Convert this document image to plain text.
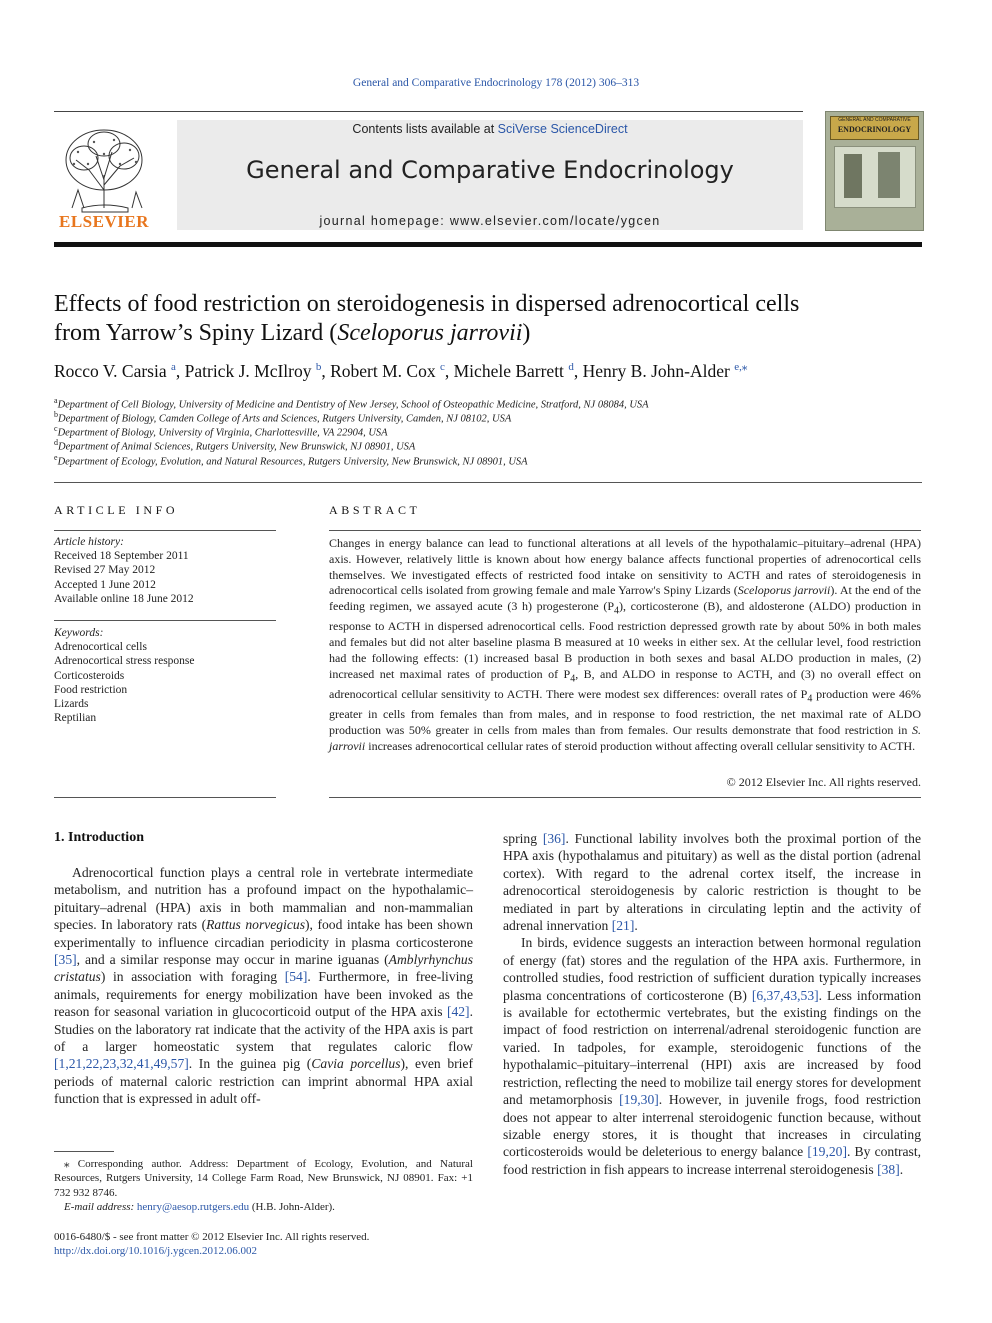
General and Comparative Endocrinology 178 (2012) 306–313
ELSEVIER
Contents lists available at SciVerse ScienceDirect
General and Comparative Endocrinology
journal homepage: www.elsevier.com/locate/ygcen
GENERAL AND COMPARATIVE
ENDOCRINOLOGY
Effects of food restriction on steroidogenesis in dispersed adrenocortical cells
from Yarrow’s Spiny Lizard (Sceloporus jarrovii)
Rocco V. Carsia $^a$, Patrick J. McIlroy $^b$, Robert M. Cox $^c$, Michele Barrett $^d$, Henry B. John-Alder $^{e,⁎}$
$^a$Department of Cell Biology, University of Medicine and Dentistry of New Jersey, School of Osteopathic Medicine, Stratford, NJ 08084, USA
$^b$Department of Biology, Camden College of Arts and Sciences, Rutgers University, Camden, NJ 08102, USA
$^c$Department of Biology, University of Virginia, Charlottesville, VA 22904, USA
$^d$Department of Animal Sciences, Rutgers University, New Brunswick, NJ 08901, USA
$^e$Department of Ecology, Evolution, and Natural Resources, Rutgers University, New Brunswick, NJ 08901, USA
ARTICLE INFO
Article history:
Received 18 September 2011
Revised 27 May 2012
Accepted 1 June 2012
Available online 18 June 2012
Keywords:
Adrenocortical cells
Adrenocortical stress response
Corticosteroids
Food restriction
Lizards
Reptilian
ABSTRACT
Changes in energy balance can lead to functional alterations at all levels of the hypothalamic–pituitary–adrenal (HPA) axis. However, relatively little is known about how energy balance affects functional properties of adrenocortical cells themselves. We investigated effects of restricted food intake on sensitivity to ACTH and rates of steroidogenesis in adrenocortical cells isolated from growing female and male Yarrow's Spiny Lizards (Sceloporus jarrovii). At the end of the feeding regimen, we assayed acute (3 h) progesterone $(P_4)$, corticosterone (B), and aldosterone (ALDO) production in response to ACTH in dispersed adrenocortical cells. Food restriction depressed growth rate by about 50% in both males and females but did not alter baseline plasma B measured at 10 weeks in either sex. At the cellular level, food restriction had the following effects: (1) increased basal B production in both sexes and basal ALDO production in males, (2) increased net maximal rates of production of $P_4$, B, and ALDO in response to ACTH, and (3) no overall effect on adrenocortical cellular sensitivity to ACTH. There were modest sex differences: overall rates of $P_4$ production were 46% greater in cells from females than from males, and in response to food restriction, the net maximal rate of ALDO production was 50% greater in cells from males than from females. Our results demonstrate that food restriction in S. jarrovii increases adrenocortical cellular rates of steroid production without affecting overall cellular sensitivity to ACTH.
© 2012 Elsevier Inc. All rights reserved.
1. Introduction

Adrenocortical function plays a central role in vertebrate intermediate metabolism, and nutrition has a profound impact on the hypothalamic–pituitary–adrenal (HPA) axis in both mammalian and non-mammalian species. In laboratory rats (Rattus norvegicus), food intake has been shown experimentally to influence circadian periodicity in plasma corticosterone [35], and a similar response may occur in marine iguanas (Amblyrhynchus cristatus) in association with foraging [54]. Furthermore, in free-living animals, requirements for energy mobilization have been invoked as the reason for seasonal variation in glucocorticoid output of the HPA axis [42]. Studies on the laboratory rat indicate that the activity of the HPA axis is part of a larger homeostatic system that regulates caloric flow [1,21,22,23,32,41,49,57]. In the guinea pig (Cavia porcellus), even brief periods of maternal caloric restriction can imprint abnormal HPA axial function that is expressed in adult off-

spring [36]. Functional lability involves both the proximal portion of the HPA axis (hypothalamus and pituitary) as well as the distal portion (adrenal cortex). With regard to the adrenal cortex itself, the increase in adrenocortical steroidogenesis by caloric restriction is thought to be mediated in part by alterations in circulating leptin and the activity of adrenal innervation [21].

In birds, evidence suggests an interaction between hormonal regulation of energy (fat) stores and the regulation of the HPA axis. Furthermore, in controlled studies, food restriction of sufficient duration typically increases plasma concentrations of corticosterone (B) [6,37,43,53]. Less information is available for ectothermic vertebrates, but the existing findings on the impact of food restriction on interrenal/adrenal steroidogenic function are varied. In tadpoles, for example, steroidogenic functions of the hypothalamic–pituitary–interrenal (HPI) axis are increased by food restriction, reflecting the need to mobilize tail energy stores for development and metamorphosis [19,30]. However, in juvenile frogs, food restriction does not appear to alter interrenal steroidogenic function because, without sizable energy stores, it is thought that increases in circulating corticosteroids would be deleterious to energy balance [19,20]. By contrast, food restriction in fish appears to increase interrenal steroidogenesis [38].

⁎ Corresponding author. Address: Department of Ecology, Evolution, and Natural Resources, Rutgers University, 14 College Farm Road, New Brunswick, NJ 08901. Fax: +1 732 932 8746.
E-mail address: henry@aesop.rutgers.edu (H.B. John-Alder).
0016-6480/$ - see front matter © 2012 Elsevier Inc. All rights reserved.
http://dx.doi.org/10.1016/j.ygcen.2012.06.002
